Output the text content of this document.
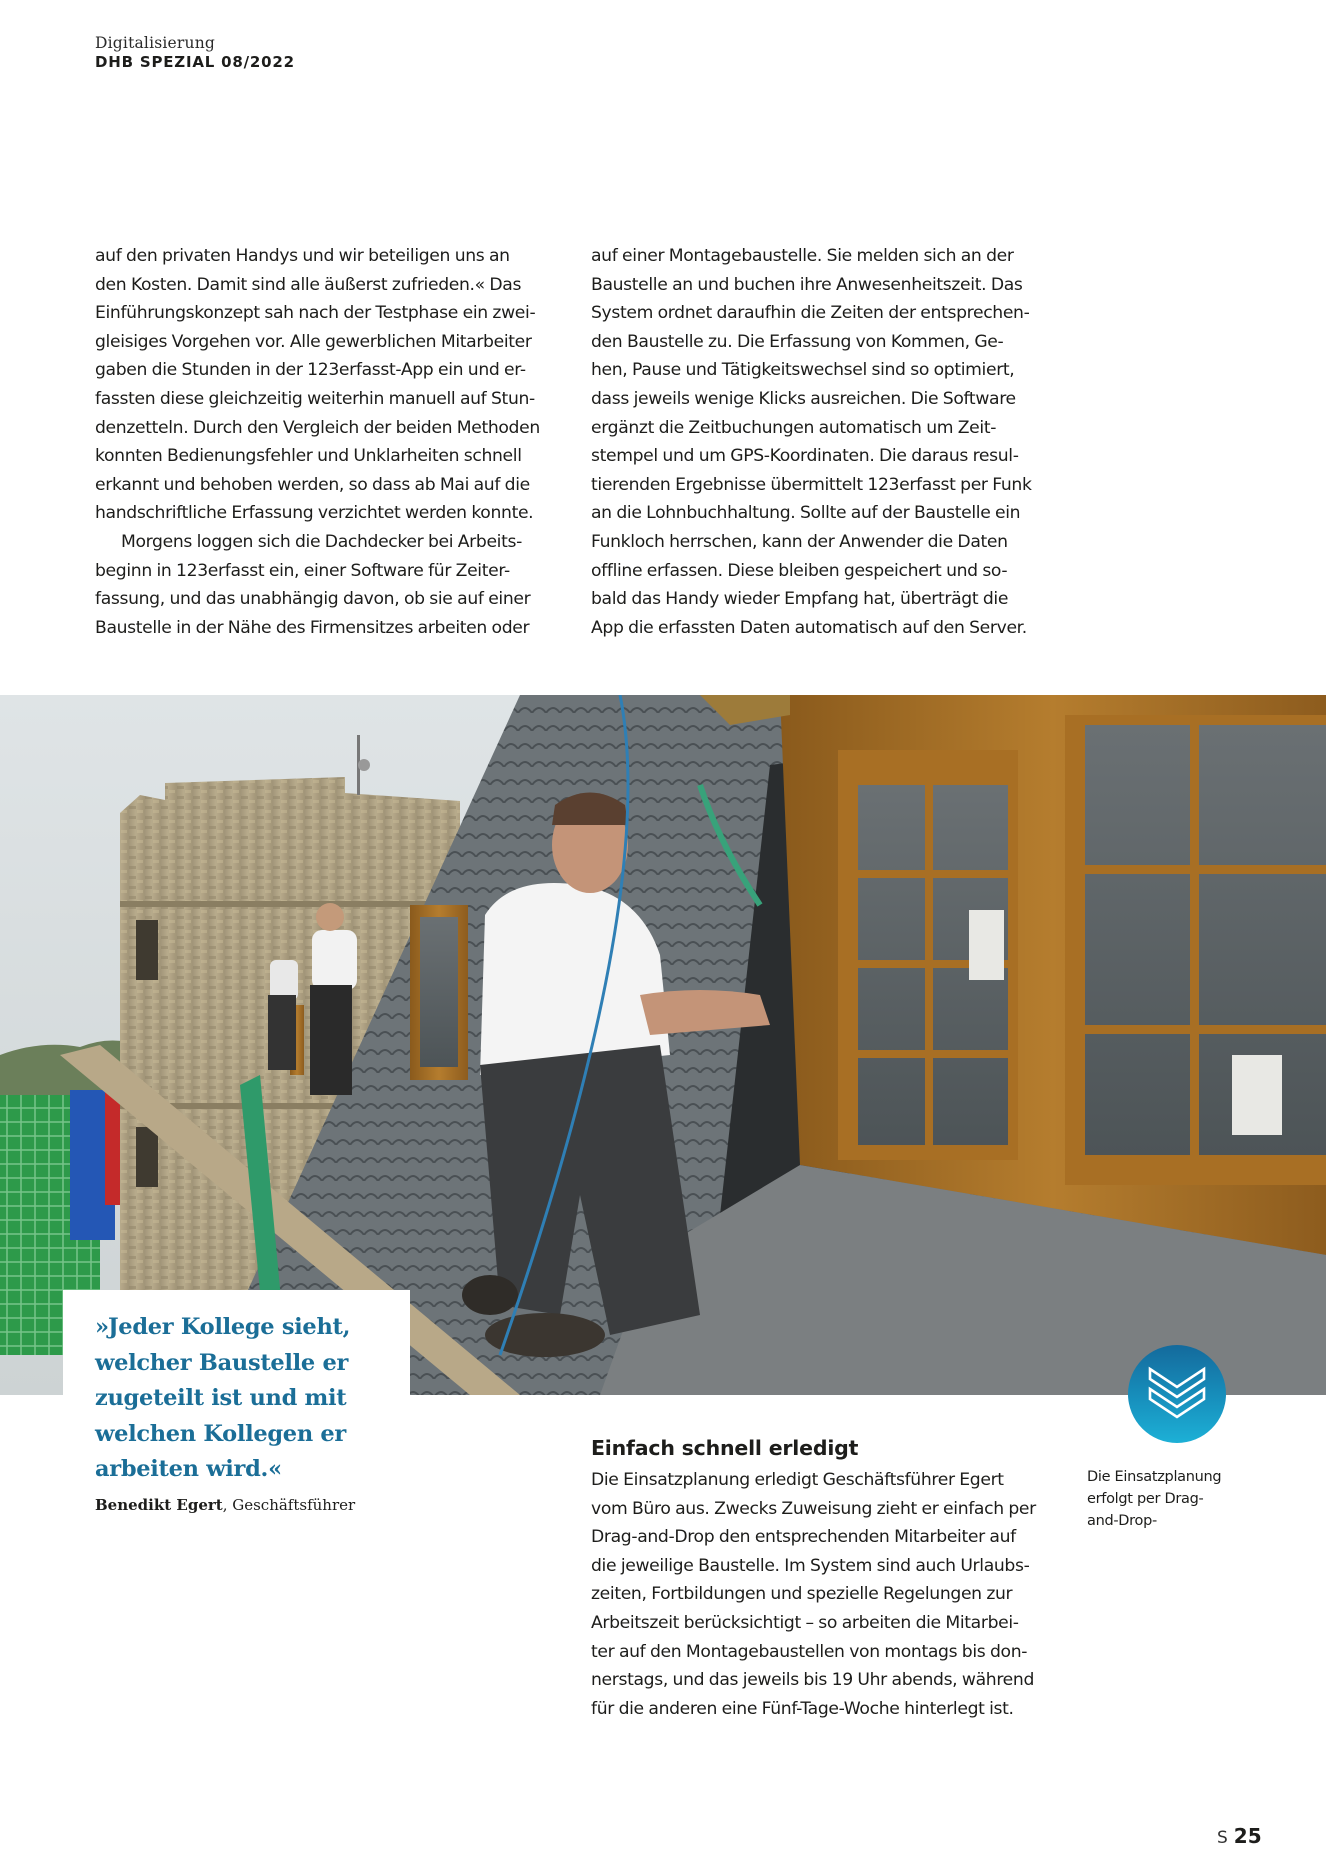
Digitalisierung
DHB SPEZIAL 08/2022

auf den privaten Handys und wir beteiligen uns an

den Kosten. Damit sind alle äußerst zufrieden.« Das

Einführungskonzept sah nach der Testphase ein zwei-

gleisiges Vorgehen vor. Alle gewerblichen Mitarbeiter

gaben die Stunden in der 123erfasst-App ein und er-

fassten diese gleichzeitig weiterhin manuell auf Stun-

denzetteln. Durch den Vergleich der beiden Methoden

konnten Bedienungsfehler und Unklarheiten schnell

erkannt und behoben werden, so dass ab Mai auf die

handschriftliche Erfassung verzichtet werden konnte.

Morgens loggen sich die Dachdecker bei Arbeits-

beginn in 123erfasst ein, einer Software für Zeiter-

fassung, und das unabhängig davon, ob sie auf einer

Baustelle in der Nähe des Firmensitzes arbeiten oder

auf einer Montagebaustelle. Sie melden sich an der

Baustelle an und buchen ihre Anwesenheitszeit. Das

System ordnet daraufhin die Zeiten der entsprechen-

den Baustelle zu. Die Erfassung von Kommen, Ge-

hen, Pause und Tätigkeitswechsel sind so optimiert,

dass jeweils wenige Klicks ausreichen. Die Software

ergänzt die Zeitbuchungen automatisch um Zeit-

stempel und um GPS-Koordinaten. Die daraus resul-

tierenden Ergebnisse übermittelt 123erfasst per Funk

an die Lohnbuchhaltung. Sollte auf der Baustelle ein

Funkloch herrschen, kann der Anwender die Daten

offline erfassen. Diese bleiben gespeichert und so-

bald das Handy wieder Empfang hat, überträgt die

App die erfassten Daten automatisch auf den Server.

»Jeder Kollege sieht,
welcher Baustelle er
zugeteilt ist und mit
welchen Kollegen er
arbeiten wird.«
Benedikt Egert, Geschäftsführer
Einfach schnell erledigt

Die Einsatzplanung erledigt Geschäftsführer Egert

vom Büro aus. Zwecks Zuweisung zieht er einfach per

Drag-and-Drop den entsprechenden Mitarbeiter auf

die jeweilige Baustelle. Im System sind auch Urlaubs-

zeiten, Fortbildungen und spezielle Regelungen zur

Arbeitszeit berücksichtigt – so arbeiten die Mitarbei-

ter auf den Montagebaustellen von montags bis don-

nerstags, und das jeweils bis 19 Uhr abends, während

für die anderen eine Fünf-Tage-Woche hinterlegt ist.

Die Einsatzplanung
erfolgt per Drag-
and-Drop-
S 25
